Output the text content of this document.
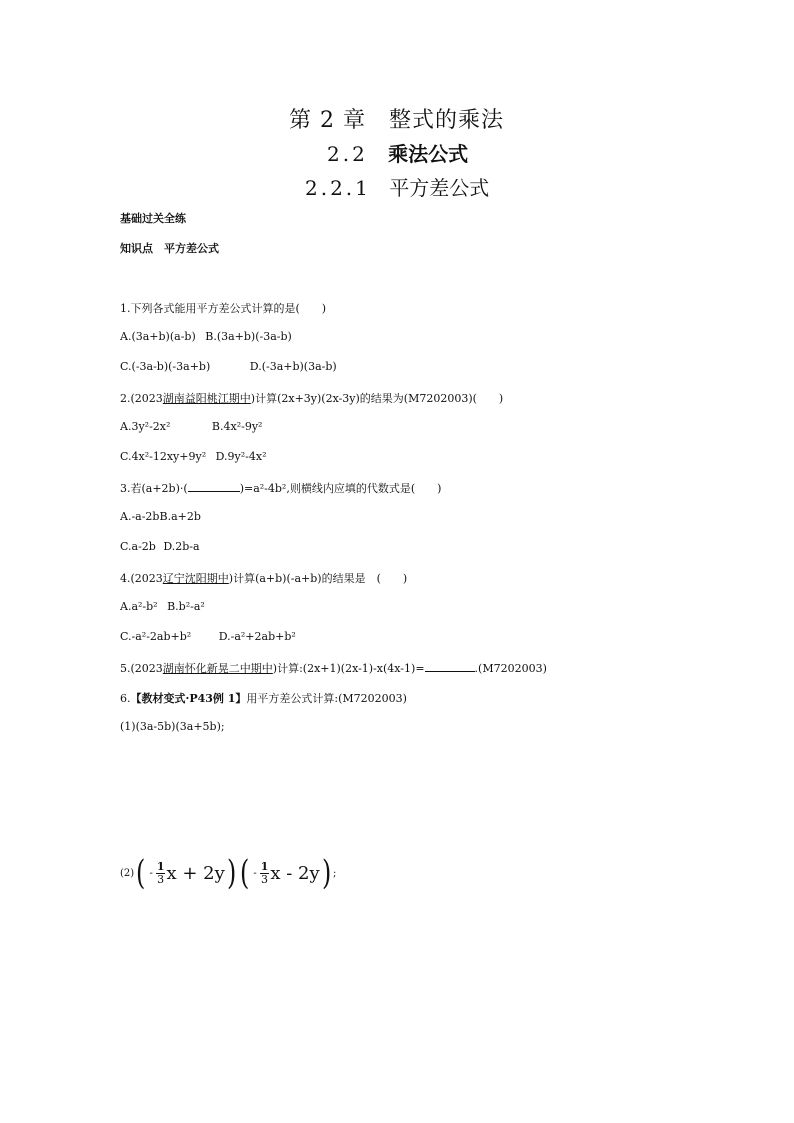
第 2 章　整式的乘法
2.2 乘法公式
2.2.1 平方差公式
基础过关全练
知识点　平方差公式
1.下列各式能用平方差公式计算的是(　　)
A.(3a+b)(a-b) B.(3a+b)(-3a-b)
C.(-3a-b)(-3a+b)	D.(-3a+b)(3a-b)
2.(2023湖南益阳桃江期中)计算(2x+3y)(2x-3y)的结果为(M7202003)(　　)
A.3y²-2x²	B.4x²-9y²
C.4x²-12xy+9y² D.9y²-4x²
3.若(a+2b)·(	)=a²-4b²,则横线内应填的代数式是(　　)
A.-a-2bB.a+2b
C.a-2b D.2b-a
4.(2023辽宁沈阳期中)计算(a+b)(-a+b)的结果是　(　　)
A.a²-b² B.b²-a²
C.-a²-2ab+b²	D.-a²+2ab+b²
5.(2023湖南怀化新晃二中期中)计算:(2x+1)(2x-1)-x(4x-1)=	.(M7202003)
6.【教材变式·P43例 1】用平方差公式计算:(M7202003)
(1)(3a-5b)(3a+5b);
(2) ( - $\frac{1}{3}$ x + 2y ) ( - $\frac{1}{3}$ x - 2y ) ;
